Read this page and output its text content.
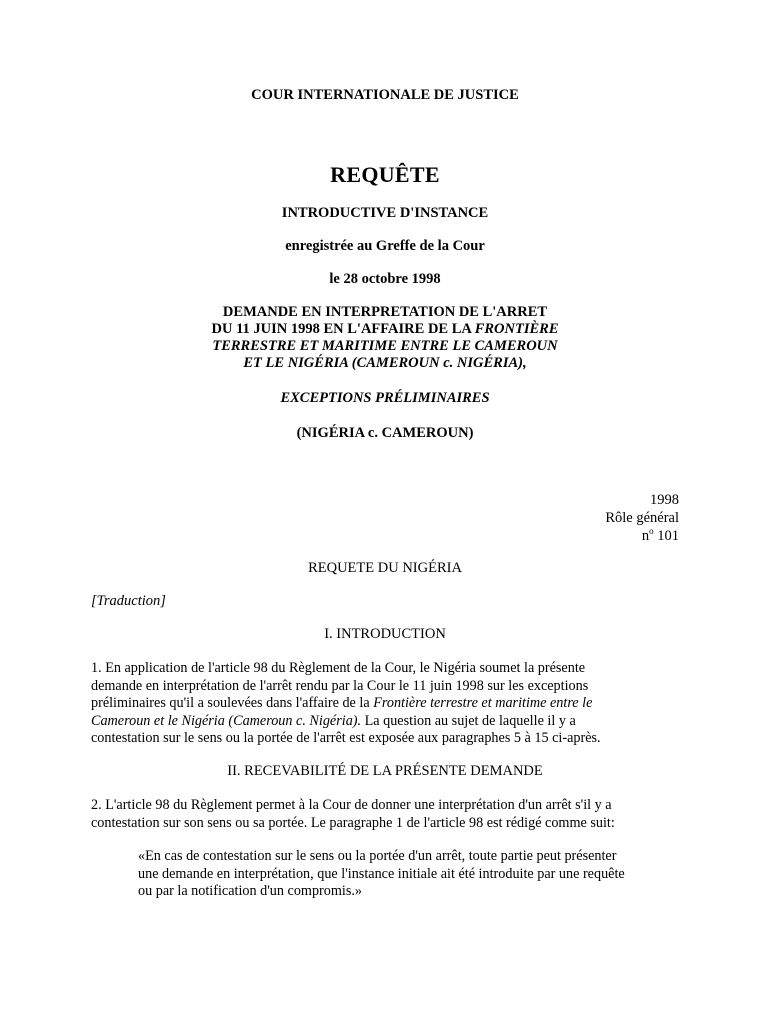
COUR INTERNATIONALE DE JUSTICE
REQUÊTE
INTRODUCTIVE D'INSTANCE
enregistrée au Greffe de la Cour
le 28 octobre 1998
DEMANDE EN INTERPRETATION DE L'ARRET
DU 11 JUIN 1998 EN L'AFFAIRE DE LA FRONTIÈRE
TERRESTRE ET MARITIME ENTRE LE CAMEROUN
ET LE NIGÉRIA (CAMEROUN c. NIGÉRIA),
EXCEPTIONS PRÉLIMINAIRES
(NIGÉRIA c. CAMEROUN)
1998
Rôle général
$n^o$ 101
REQUETE DU NIGÉRIA
[Traduction]
I. INTRODUCTION
1. En application de l'article 98 du Règlement de la Cour, le Nigéria soumet la présente
demande en interprétation de l'arrêt rendu par la Cour le 11 juin 1998 sur les exceptions
préliminaires qu'il a soulevées dans l'affaire de la Frontière terrestre et maritime entre le
Cameroun et le Nigéria (Cameroun c. Nigéria). La question au sujet de laquelle il y a
contestation sur le sens ou la portée de l'arrêt est exposée aux paragraphes 5 à 15 ci-après.
II. RECEVABILITÉ DE LA PRÉSENTE DEMANDE
2. L'article 98 du Règlement permet à la Cour de donner une interprétation d'un arrêt s'il y a
contestation sur son sens ou sa portée. Le paragraphe 1 de l'article 98 est rédigé comme suit:
«En cas de contestation sur le sens ou la portée d'un arrêt, toute partie peut présenter
une demande en interprétation, que l'instance initiale ait été introduite par une requête
ou par la notification d'un compromis.»
